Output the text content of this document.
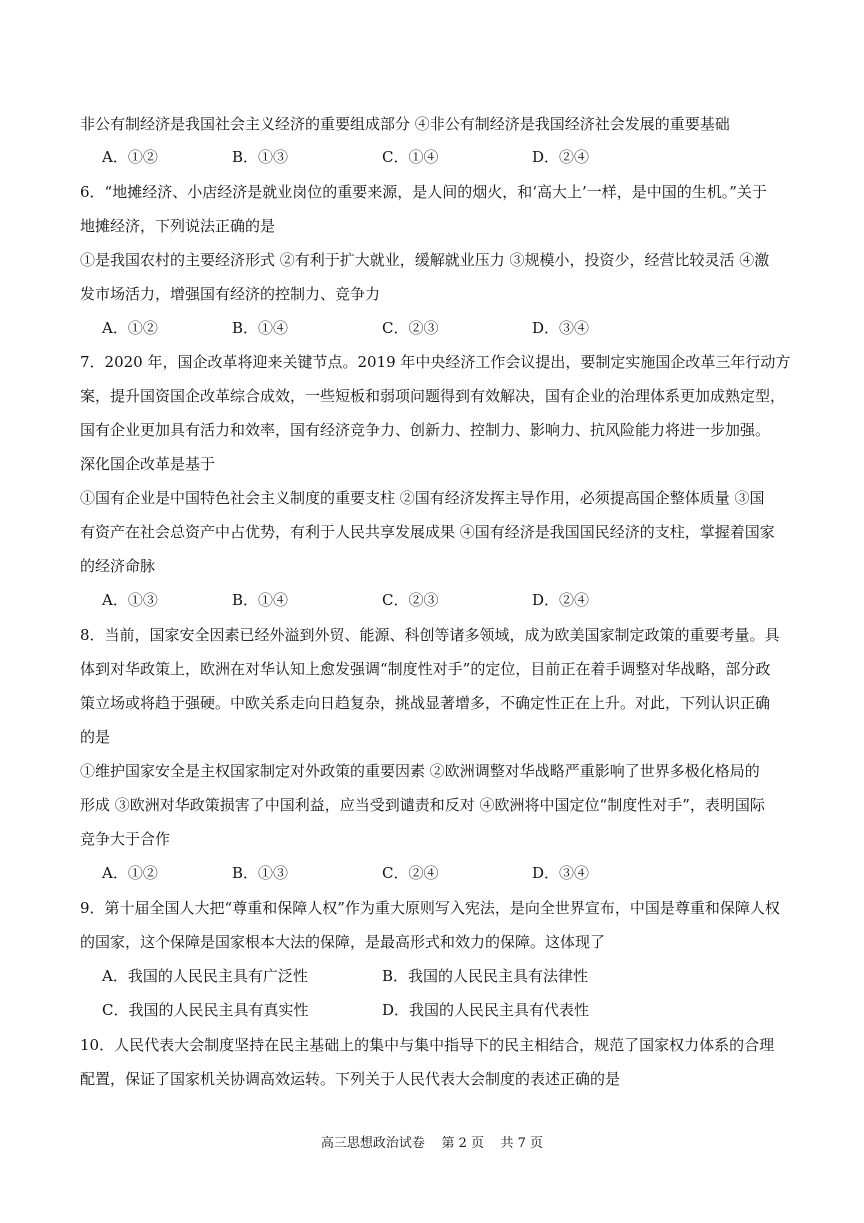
非公有制经济是我国社会主义经济的重要组成部分 ④非公有制经济是我国经济社会发展的重要基础
A．①②	B．①③	C．①④	D．②④
6．“地摊经济、小店经济是就业岗位的重要来源，是人间的烟火，和‘高大上’一样，是中国的生机。”关于
地摊经济，下列说法正确的是
①是我国农村的主要经济形式 ②有利于扩大就业，缓解就业压力 ③规模小，投资少，经营比较灵活 ④激
发市场活力，增强国有经济的控制力、竞争力
A．①②	B．①④	C．②③	D．③④
7．2020 年，国企改革将迎来关键节点。2019 年中央经济工作会议提出，要制定实施国企改革三年行动方
案，提升国资国企改革综合成效，一些短板和弱项问题得到有效解决，国有企业的治理体系更加成熟定型，
国有企业更加具有活力和效率，国有经济竞争力、创新力、控制力、影响力、抗风险能力将进一步加强。
深化国企改革是基于
①国有企业是中国特色社会主义制度的重要支柱 ②国有经济发挥主导作用，必须提高国企整体质量 ③国
有资产在社会总资产中占优势，有利于人民共享发展成果 ④国有经济是我国国民经济的支柱，掌握着国家
的经济命脉
A．①③	B．①④	C．②③	D．②④
8．当前，国家安全因素已经外溢到外贸、能源、科创等诸多领域，成为欧美国家制定政策的重要考量。具
体到对华政策上，欧洲在对华认知上愈发强调“制度性对手”的定位，目前正在着手调整对华战略，部分政
策立场或将趋于强硬。中欧关系走向日趋复杂，挑战显著增多，不确定性正在上升。对此，下列认识正确
的是
①维护国家安全是主权国家制定对外政策的重要因素 ②欧洲调整对华战略严重影响了世界多极化格局的
形成 ③欧洲对华政策损害了中国利益，应当受到谴责和反对 ④欧洲将中国定位“制度性对手”，表明国际
竞争大于合作
A．①②	B．①③	C．②④	D．③④
9．第十届全国人大把“尊重和保障人权”作为重大原则写入宪法，是向全世界宣布，中国是尊重和保障人权
的国家，这个保障是国家根本大法的保障，是最高形式和效力的保障。这体现了
A．我国的人民民主具有广泛性	B．我国的人民民主具有法律性
C．我国的人民民主具有真实性	D．我国的人民民主具有代表性
10．人民代表大会制度坚持在民主基础上的集中与集中指导下的民主相结合，规范了国家权力体系的合理
配置，保证了国家机关协调高效运转。下列关于人民代表大会制度的表述正确的是
高三思想政治试卷    第 2 页    共 7 页
